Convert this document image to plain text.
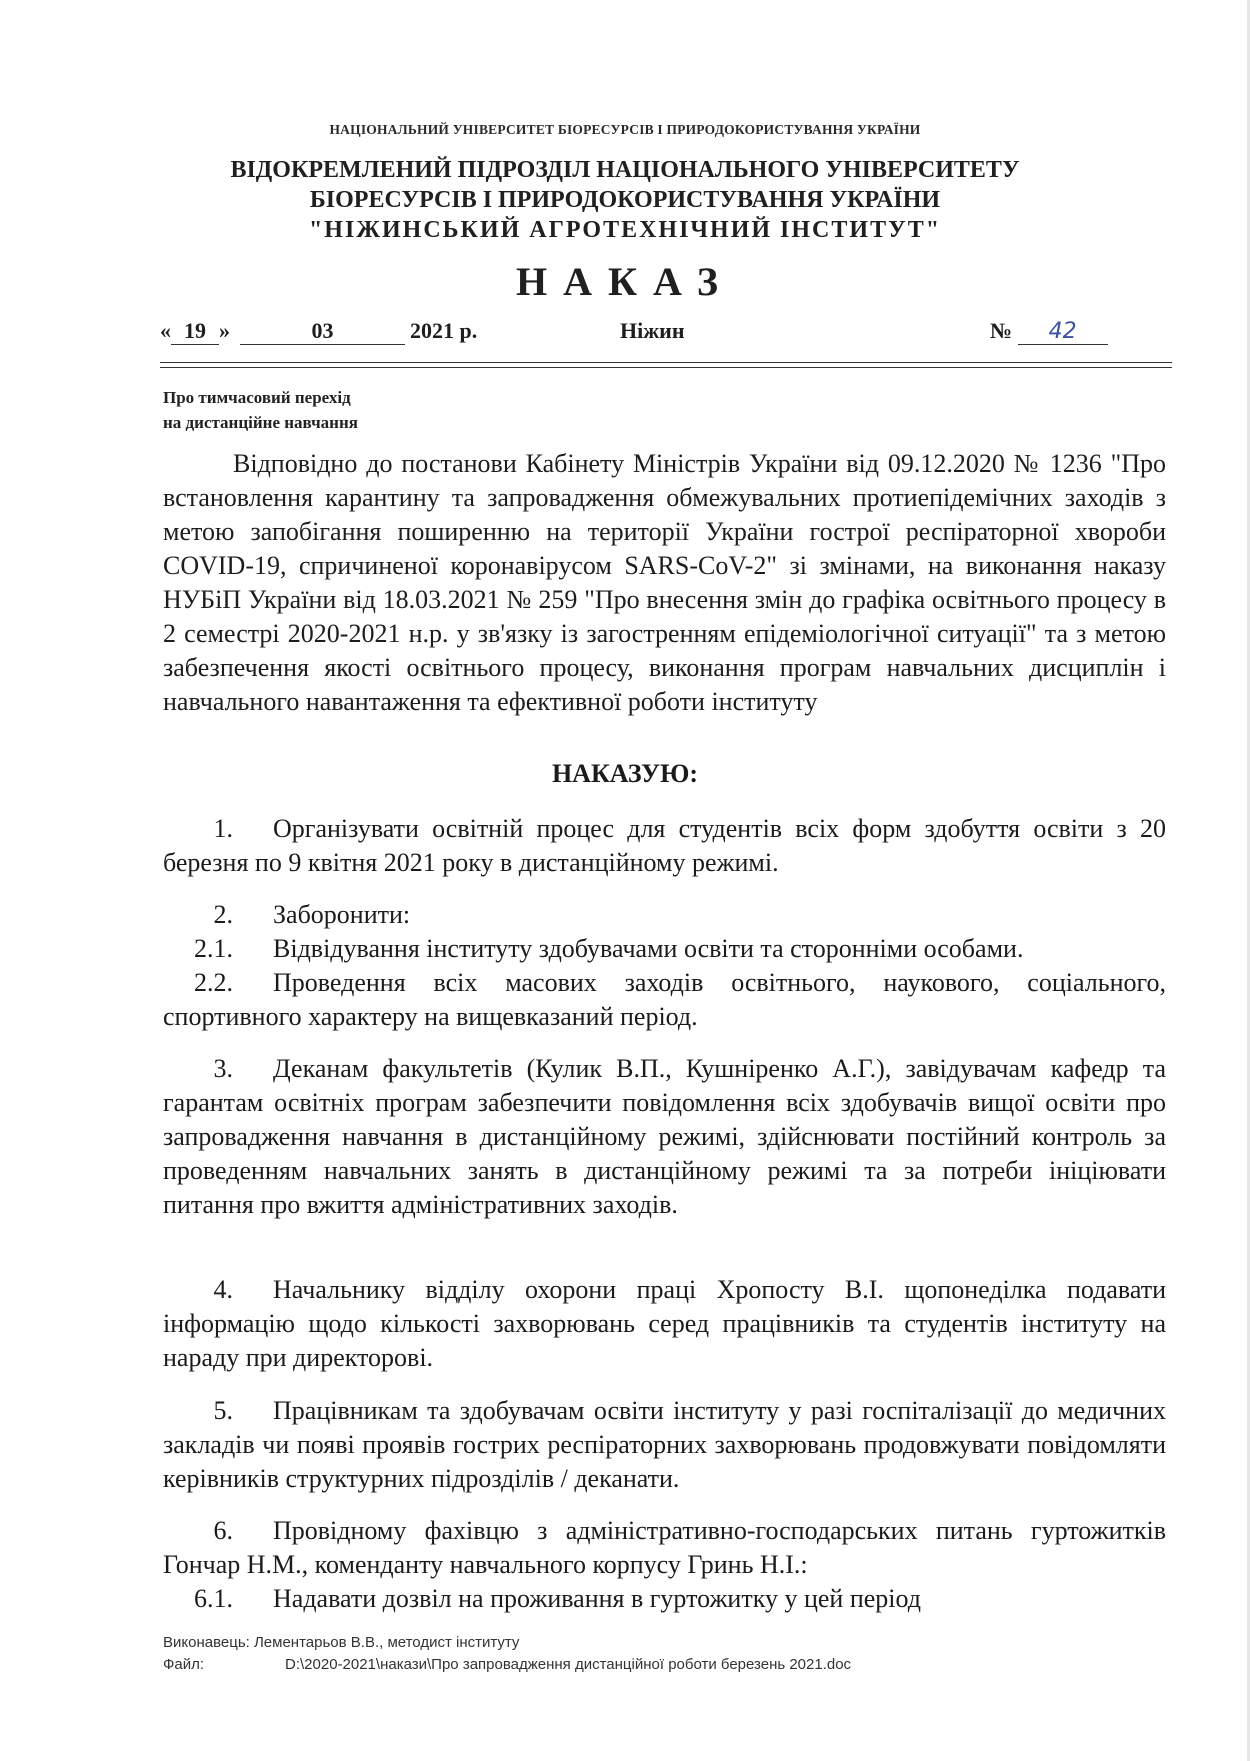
НАЦІОНАЛЬНИЙ УНІВЕРСИТЕТ БІОРЕСУРСІВ І ПРИРОДОКОРИСТУВАННЯ УКРАЇНИ
ВІДОКРЕМЛЕНИЙ ПІДРОЗДІЛ НАЦІОНАЛЬНОГО УНІВЕРСИТЕТУ
БІОРЕСУРСІВ І ПРИРОДОКОРИСТУВАННЯ УКРАЇНИ
"НІЖИНСЬКИЙ АГРОТЕХНІЧНИЙ ІНСТИТУТ"
НАКАЗ
« 19 »	03	2021 р.	Ніжин	№ 42
Про тимчасовий перехід
на дистанційне навчання
Відповідно до постанови Кабінету Міністрів України від 09.12.2020 № 1236 "Про встановлення карантину та запровадження обмежувальних протиепідемічних заходів з метою запобігання поширенню на території України гострої респіраторної хвороби COVID-19, спричиненої коронавірусом SARS-CoV-2" зі змінами, на виконання наказу НУБіП України від 18.03.2021 № 259 "Про внесення змін до графіка освітнього процесу в 2 семестрі 2020-2021 н.р. у зв'язку із загостренням епідеміологічної ситуації" та з метою забезпечення якості освітнього процесу, виконання програм навчальних дисциплін і навчального навантаження та ефективної роботи інституту
НАКАЗУЮ:
1. Організувати освітній процес для студентів всіх форм здобуття освіти з 20 березня по 9 квітня 2021 року в дистанційному режимі.
2. Заборонити:
2.1. Відвідування інституту здобувачами освіти та сторонніми особами.
2.2. Проведення всіх масових заходів освітнього, наукового, соціального, спортивного характеру на вищевказаний період.
3. Деканам факультетів (Кулик В.П., Кушнірeнко А.Г.), завідувачам кафедр та гарантам освітніх програм забезпечити повідомлення всіх здобувачів вищої освіти про запровадження навчання в дистанційному режимі, здійснювати постійний контроль за проведенням навчальних занять в дистанційному режимі та за потреби ініціювати питання про вжиття адміністративних заходів.
4. Начальнику відділу охорони праці Хропосту В.І. щопонеділка подавати інформацію щодо кількості захворювань серед працівників та студентів інституту на нараду при директорові.
5. Працівникам та здобувачам освіти інституту у разі госпіталізації до медичних закладів чи появі проявів гострих респіраторних захворювань продовжувати повідомляти керівників структурних підрозділів / деканати.
6. Провідному фахівцю з адміністративно-господарських питань гуртожитків Гончар Н.М., коменданту навчального корпусу Гринь Н.І.:
6.1. Надавати дозвіл на проживання в гуртожитку у цей період
Виконавець: Лементарьов В.В., методист інституту
Файл:	D:\2020-2021\накази\Про запровадження дистанційної роботи березень 2021.doc
